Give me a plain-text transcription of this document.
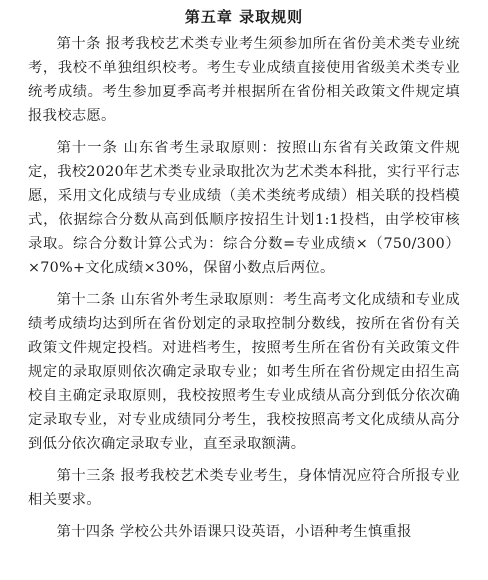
第五章 录取规则

第十条 报考我校艺术类专业考生须参加所在省份美术类专业统考，我校不单独组织校考。考生专业成绩直接使用省级美术类专业统考成绩。考生参加夏季高考并根据所在省份相关政策文件规定填报我校志愿。

第十一条 山东省考生录取原则：按照山东省有关政策文件规定，我校2020年艺术类专业录取批次为艺术类本科批，实行平行志愿，采用文化成绩与专业成绩（美术类统考成绩）相关联的投档模式，依据综合分数从高到低顺序按招生计划1:1投档，由学校审核录取。综合分数计算公式为：综合分数=专业成绩×（750/300）×70%+文化成绩×30%，保留小数点后两位。

第十二条 山东省外考生录取原则：考生高考文化成绩和专业成绩考成绩均达到所在省份划定的录取控制分数线，按所在省份有关政策文件规定投档。对进档考生，按照考生所在省份有关政策文件规定的录取原则依次确定录取专业；如考生所在省份规定由招生高校自主确定录取原则，我校按照考生专业成绩从高分到低分依次确定录取专业，对专业成绩同分考生，我校按照高考文化成绩从高分到低分依次确定录取专业，直至录取额满。

第十三条 报考我校艺术类专业考生，身体情况应符合所报专业相关要求。

第十四条 学校公共外语课只设英语，小语种考生慎重报
